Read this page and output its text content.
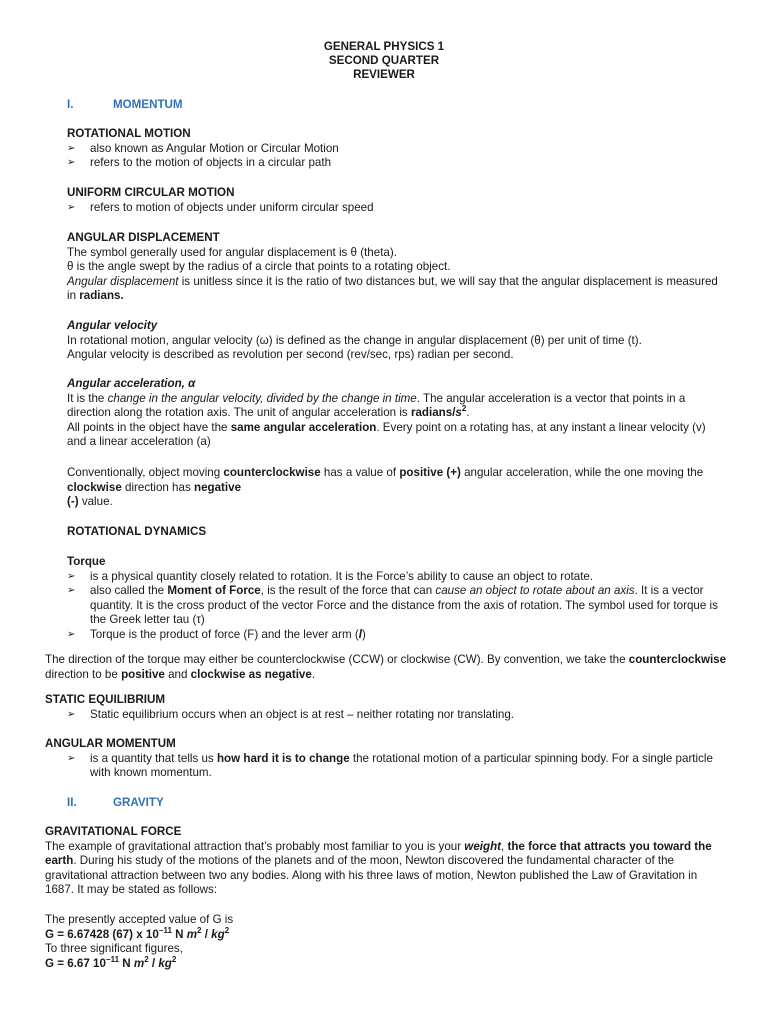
GENERAL PHYSICS 1
SECOND QUARTER
REVIEWER
I.	MOMENTUM
ROTATIONAL MOTION
➢ also known as Angular Motion or Circular Motion
➢ refers to the motion of objects in a circular path
UNIFORM CIRCULAR MOTION
➢ refers to motion of objects under uniform circular speed
ANGULAR DISPLACEMENT

The symbol generally used for angular displacement is θ (theta).

θ is the angle swept by the radius of a circle that points to a rotating object.

Angular displacement is unitless since it is the ratio of two distances but, we will say that the angular displacement is measured in radians.

Angular velocity

In rotational motion, angular velocity (ω) is defined as the change in angular displacement (θ) per unit of time (t).

Angular velocity is described as revolution per second (rev/sec, rps) radian per second.

Angular acceleration, α

It is the change in the angular velocity, divided by the change in time. The angular acceleration is a vector that points in a direction along the rotation axis. The unit of angular acceleration is radians/$s^2$.

All points in the object have the same angular acceleration. Every point on a rotating has, at any instant a linear velocity (v) and a linear acceleration (a)

Conventionally, object moving counterclockwise has a value of positive (+) angular acceleration, while the one moving the clockwise direction has negative
(-) value.

ROTATIONAL DYNAMICS
Torque
➢ is a physical quantity closely related to rotation. It is the Force’s ability to cause an object to rotate.
➢ also called the Moment of Force, is the result of the force that can cause an object to rotate about an axis. It is a vector quantity. It is the cross product of the vector Force and the distance from the axis of rotation. The symbol used for torque is the Greek letter tau (τ)
➢ Torque is the product of force (F) and the lever arm (l)

The direction of the torque may either be counterclockwise (CCW) or clockwise (CW). By convention, we take the counterclockwise direction to be positive and clockwise as negative.

STATIC EQUILIBRIUM
➢ Static equilibrium occurs when an object is at rest – neither rotating nor translating.
ANGULAR MOMENTUM
➢ is a quantity that tells us how hard it is to change the rotational motion of a particular spinning body. For a single particle with known momentum.
II.	GRAVITY
GRAVITATIONAL FORCE

The example of gravitational attraction that’s probably most familiar to you is your weight, the force that attracts you toward the earth. During his study of the motions of the planets and of the moon, Newton discovered the fundamental character of the gravitational attraction between two any bodies. Along with his three laws of motion, Newton published the Law of Gravitation in 1687. It may be stated as follows:

The presently accepted value of G is

G = 6.67428 (67) x $10^{-11}$ N $m^2 / kg^2$

To three significant figures,

G = 6.67 $10^{-11}$ N $m^2 / kg^2$
